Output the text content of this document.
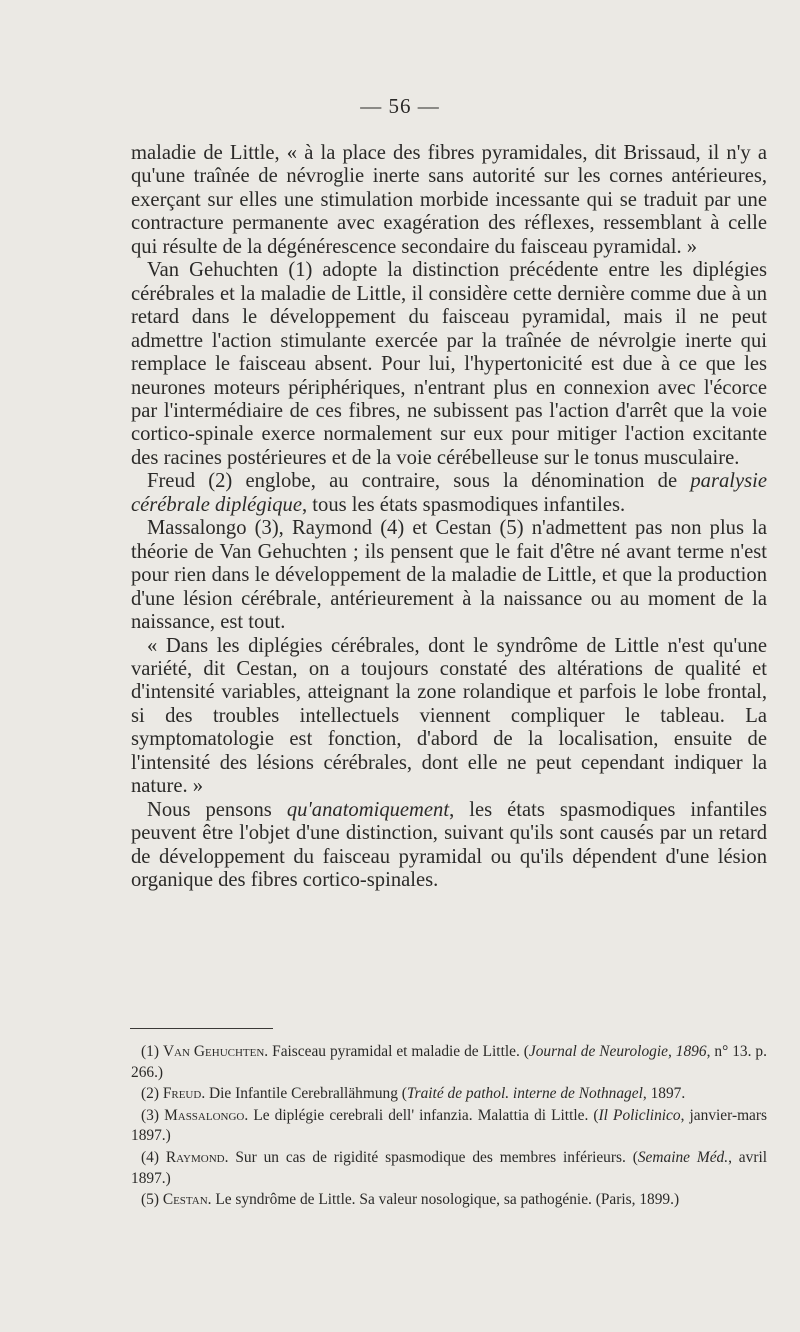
— 56 —

maladie de Little, « à la place des fibres pyramidales, dit Brissaud, il n'y a qu'une traînée de névroglie inerte sans autorité sur les cornes antérieures, exerçant sur elles une stimulation morbide incessante qui se traduit par une contracture permanente avec exagération des réflexes, ressemblant à celle qui résulte de la dégénérescence secondaire du faisceau pyramidal. »

Van Gehuchten (1) adopte la distinction précédente entre les diplégies cérébrales et la maladie de Little, il considère cette dernière comme due à un retard dans le développement du faisceau pyramidal, mais il ne peut admettre l'action stimulante exercée par la traînée de névrolgie inerte qui remplace le faisceau absent. Pour lui, l'hypertonicité est due à ce que les neurones moteurs périphériques, n'entrant plus en connexion avec l'écorce par l'intermédiaire de ces fibres, ne subissent pas l'action d'arrêt que la voie cortico-spinale exerce normalement sur eux pour mitiger l'action excitante des racines postérieures et de la voie cérébelleuse sur le tonus musculaire.

Freud (2) englobe, au contraire, sous la dénomination de paralysie cérébrale diplégique, tous les états spasmodiques infantiles.

Massalongo (3), Raymond (4) et Cestan (5) n'admettent pas non plus la théorie de Van Gehuchten ; ils pensent que le fait d'être né avant terme n'est pour rien dans le développement de la maladie de Little, et que la production d'une lésion cérébrale, antérieurement à la naissance ou au moment de la naissance, est tout.

« Dans les diplégies cérébrales, dont le syndrôme de Little n'est qu'une variété, dit Cestan, on a toujours constaté des altérations de qualité et d'intensité variables, atteignant la zone rolandique et parfois le lobe frontal, si des troubles intellectuels viennent compliquer le tableau. La symptomatologie est fonction, d'abord de la localisation, ensuite de l'intensité des lésions cérébrales, dont elle ne peut cependant indiquer la nature. »

Nous pensons qu'anatomiquement, les états spasmodiques infantiles peuvent être l'objet d'une distinction, suivant qu'ils sont causés par un retard de développement du faisceau pyramidal ou qu'ils dépendent d'une lésion organique des fibres cortico-spinales.

(1) Van Gehuchten. Faisceau pyramidal et maladie de Little. (Journal de Neurologie, 1896, n° 13. p. 266.)

(2) Freud. Die Infantile Cerebrallähmung (Traité de pathol. interne de Nothnagel, 1897.

(3) Massalongo. Le diplégie cerebrali dell' infanzia. Malattia di Little. (Il Policlinico, janvier-mars 1897.)

(4) Raymond. Sur un cas de rigidité spasmodique des membres inférieurs. (Semaine Méd., avril 1897.)

(5) Cestan. Le syndrôme de Little. Sa valeur nosologique, sa pathogénie. (Paris, 1899.)
